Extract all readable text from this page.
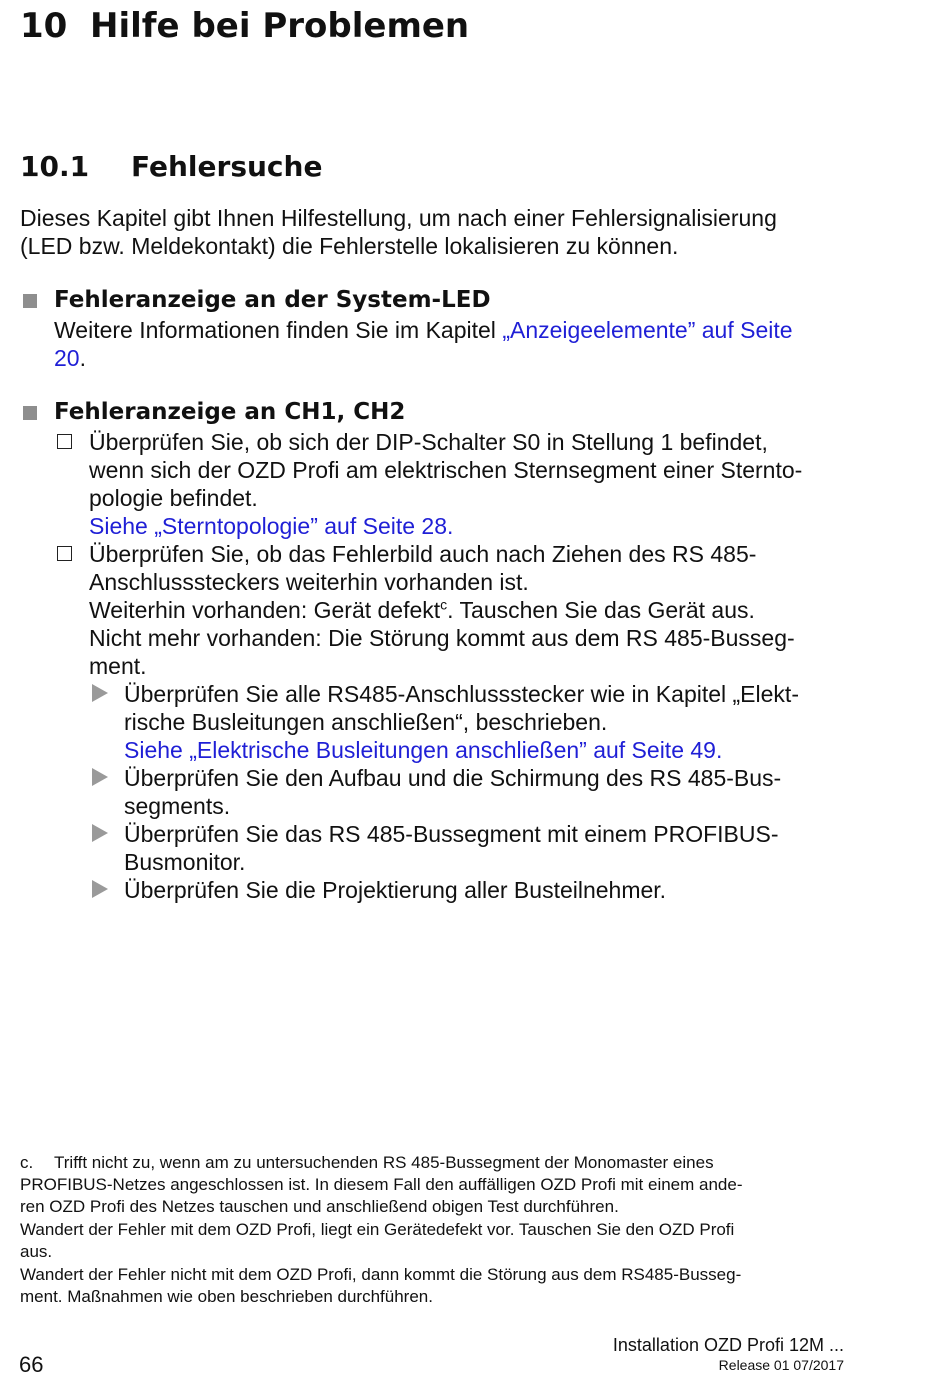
10 Hilfe bei Problemen
10.1 Fehlersuche
Dieses Kapitel gibt Ihnen Hilfestellung, um nach einer Fehlersignalisierung
(LED bzw. Meldekontakt) die Fehlerstelle lokalisieren zu können.
Fehleranzeige an der System-LED
Weitere Informationen finden Sie im Kapitel „Anzeigeelemente” auf Seite
20.
Fehleranzeige an CH1, CH2
Überprüfen Sie, ob sich der DIP-Schalter S0 in Stellung 1 befindet,
wenn sich der OZD Profi am elektrischen Sternsegment einer Sternto-
pologie befindet.
Siehe „Sterntopologie” auf Seite 28.
Überprüfen Sie, ob das Fehlerbild auch nach Ziehen des RS 485-
Anschlusssteckers weiterhin vorhanden ist.
Weiterhin vorhanden: Gerät defekt$^c$. Tauschen Sie das Gerät aus.
Nicht mehr vorhanden: Die Störung kommt aus dem RS 485-Busseg-
ment.
Überprüfen Sie alle RS485-Anschlussstecker wie in Kapitel „Elekt-
rische Busleitungen anschließen“, beschrieben.
Siehe „Elektrische Busleitungen anschließen” auf Seite 49.
Überprüfen Sie den Aufbau und die Schirmung des RS 485-Bus-
segments.
Überprüfen Sie das RS 485-Bussegment mit einem PROFIBUS-
Busmonitor.
Überprüfen Sie die Projektierung aller Busteilnehmer.
c. Trifft nicht zu, wenn am zu untersuchenden RS 485-Bussegment der Monomaster eines
PROFIBUS-Netzes angeschlossen ist. In diesem Fall den auffälligen OZD Profi mit einem ande-
ren OZD Profi des Netzes tauschen und anschließend obigen Test durchführen.
Wandert der Fehler mit dem OZD Profi, liegt ein Gerätedefekt vor. Tauschen Sie den OZD Profi
aus.
Wandert der Fehler nicht mit dem OZD Profi, dann kommt die Störung aus dem RS485-Busseg-
ment. Maßnahmen wie oben beschrieben durchführen.
66
Installation OZD Profi 12M ...
Release 01 07/2017
